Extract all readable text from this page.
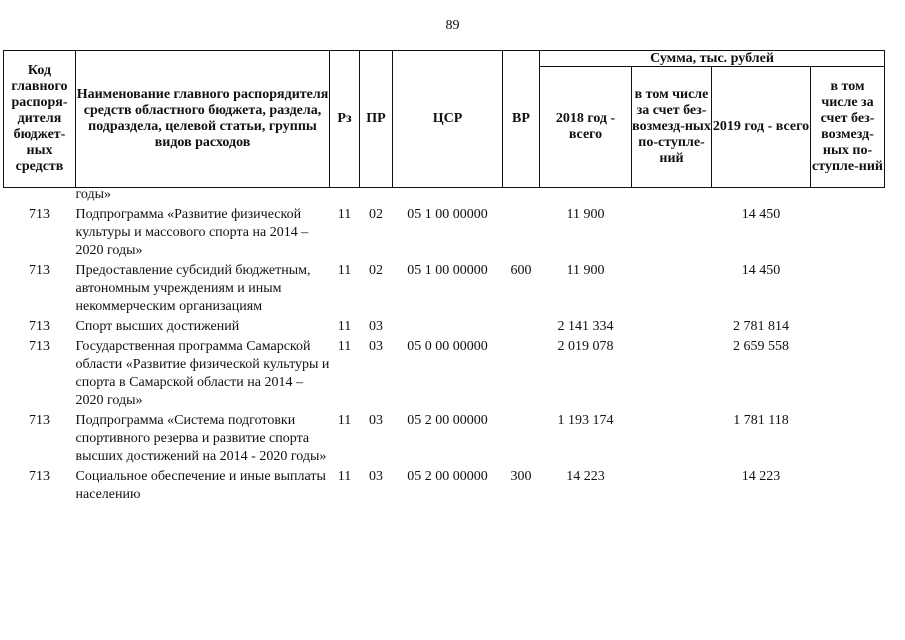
89
Код главного распоря-дителя бюджет-ных средств	Наименование главного распорядителя средств областного бюджета, раздела, подраздела, целевой статьи, группы видов расходов	Рз	ПР	ЦСР	ВР	Сумма, тыс. рублей			
						2018 год - всего	в том числе за счет без-возмезд-ных по-ступле-ний	2019 год - всего	в том числе за счет без-возмезд-ных по-ступле-ний
	годы»								
713	Подпрограмма «Развитие физической культуры и массового спорта на 2014 – 2020 годы»	11	02	05 1 00 00000		11 900		14 450	
713	Предоставление субсидий бюджетным, автономным учреждениям и иным некоммерческим организациям	11	02	05 1 00 00000	600	11 900		14 450	
713	Спорт высших достижений	11	03			2 141 334		2 781 814	
713	Государственная программа Самарской области «Развитие физической культуры и спорта в Самарской области на 2014 – 2020 годы»	11	03	05 0 00 00000		2 019 078		2 659 558	
713	Подпрограмма «Система подготовки спортивного резерва и развитие спорта высших достижений на 2014 - 2020 годы»	11	03	05 2 00 00000		1 193 174		1 781 118	
713	Социальное обеспечение и иные выплаты населению	11	03	05 2 00 00000	300	14 223		14 223	
